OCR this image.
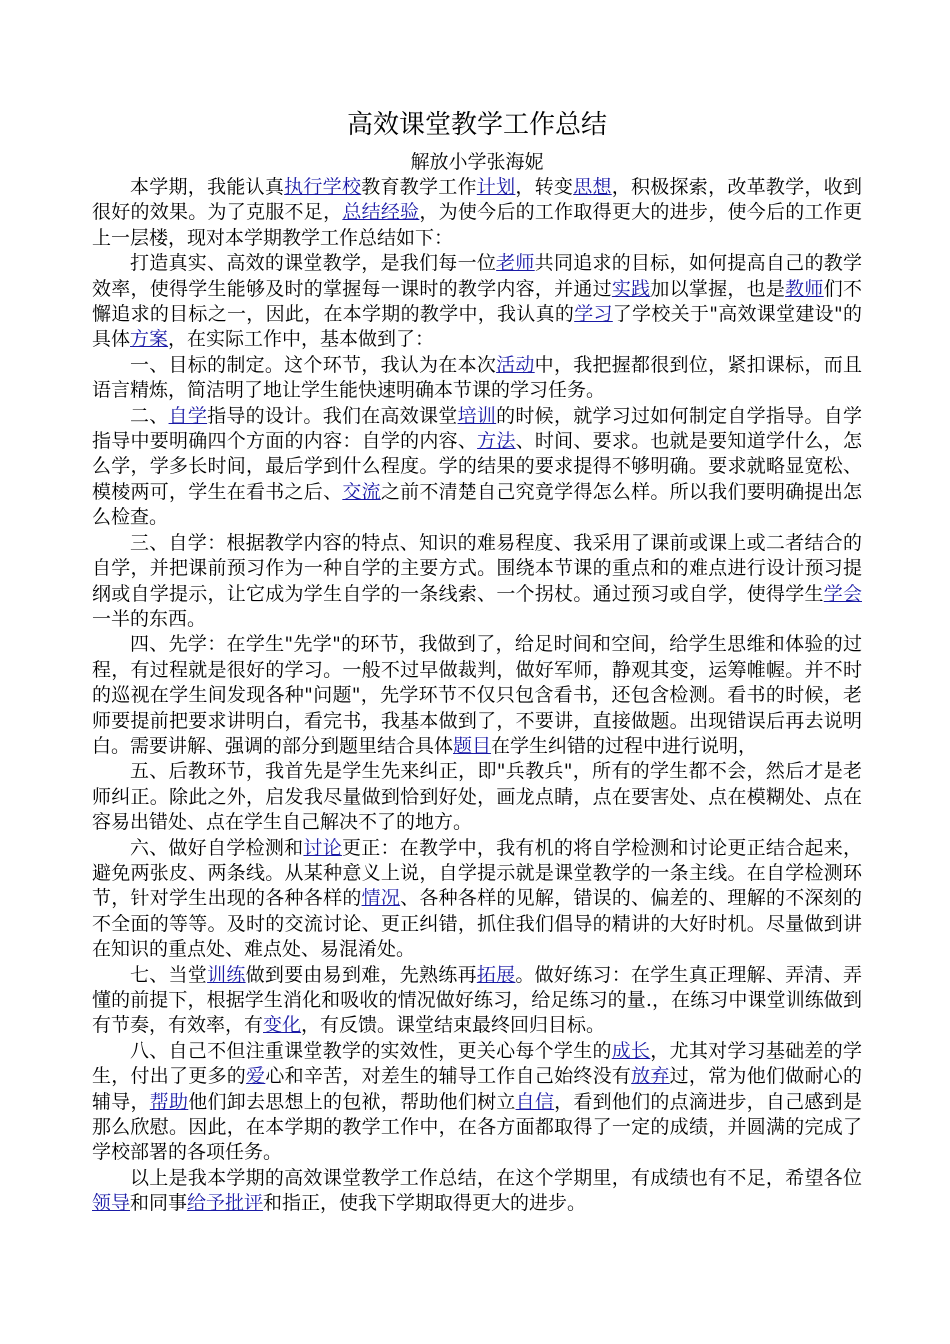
高效课堂教学工作总结

解放小学张海妮

本学期，我能认真执行学校教育教学工作计划，转变思想，积极探索，改革教学，收到很好的效果。为了克服不足，总结经验，为使今后的工作取得更大的进步，使今后的工作更上一层楼，现对本学期教学工作总结如下：

打造真实、高效的课堂教学，是我们每一位老师共同追求的目标，如何提高自己的教学效率，使得学生能够及时的掌握每一课时的教学内容，并通过实践加以掌握，也是教师们不懈追求的目标之一，因此，在本学期的教学中，我认真的学习了学校关于"高效课堂建设"的具体方案，在实际工作中，基本做到了：

一、目标的制定。这个环节，我认为在本次活动中，我把握都很到位，紧扣课标，而且语言精炼，简洁明了地让学生能快速明确本节课的学习任务。

二、自学指导的设计。我们在高效课堂培训的时候，就学习过如何制定自学指导。自学指导中要明确四个方面的内容：自学的内容、方法、时间、要求。也就是要知道学什么，怎么学，学多长时间，最后学到什么程度。学的结果的要求提得不够明确。要求就略显宽松、模棱两可，学生在看书之后、交流之前不清楚自己究竟学得怎么样。所以我们要明确提出怎么检查。

三、自学：根据教学内容的特点、知识的难易程度、我采用了课前或课上或二者结合的自学，并把课前预习作为一种自学的主要方式。围绕本节课的重点和的难点进行设计预习提纲或自学提示，让它成为学生自学的一条线索、一个拐杖。通过预习或自学，使得学生学会一半的东西。

四、先学：在学生"先学"的环节，我做到了，给足时间和空间，给学生思维和体验的过程，有过程就是很好的学习。一般不过早做裁判，做好军师，静观其变，运筹帷幄。并不时的巡视在学生间发现各种"问题"，先学环节不仅只包含看书，还包含检测。看书的时候，老师要提前把要求讲明白，看完书，我基本做到了，不要讲，直接做题。出现错误后再去说明白。需要讲解、强调的部分到题里结合具体题目在学生纠错的过程中进行说明，

五、后教环节，我首先是学生先来纠正，即"兵教兵"，所有的学生都不会，然后才是老师纠正。除此之外，启发我尽量做到恰到好处，画龙点睛，点在要害处、点在模糊处、点在容易出错处、点在学生自己解决不了的地方。

六、做好自学检测和讨论更正：在教学中，我有机的将自学检测和讨论更正结合起来，避免两张皮、两条线。从某种意义上说，自学提示就是课堂教学的一条主线。在自学检测环节，针对学生出现的各种各样的情况、各种各样的见解，错误的、偏差的、理解的不深刻的不全面的等等。及时的交流讨论、更正纠错，抓住我们倡导的精讲的大好时机。尽量做到讲在知识的重点处、难点处、易混淆处。

七、当堂训练做到要由易到难，先熟练再拓展。做好练习：在学生真正理解、弄清、弄懂的前提下，根据学生消化和吸收的情况做好练习，给足练习的量.，在练习中课堂训练做到有节奏，有效率，有变化，有反馈。课堂结束最终回归目标。

八、自己不但注重课堂教学的实效性，更关心每个学生的成长，尤其对学习基础差的学生，付出了更多的爱心和辛苦，对差生的辅导工作自己始终没有放弃过，常为他们做耐心的辅导，帮助他们卸去思想上的包袱，帮助他们树立自信，看到他们的点滴进步，自己感到是那么欣慰。因此，在本学期的教学工作中，在各方面都取得了一定的成绩，并圆满的完成了学校部署的各项任务。

以上是我本学期的高效课堂教学工作总结，在这个学期里，有成绩也有不足，希望各位领导和同事给予批评和指正，使我下学期取得更大的进步。
